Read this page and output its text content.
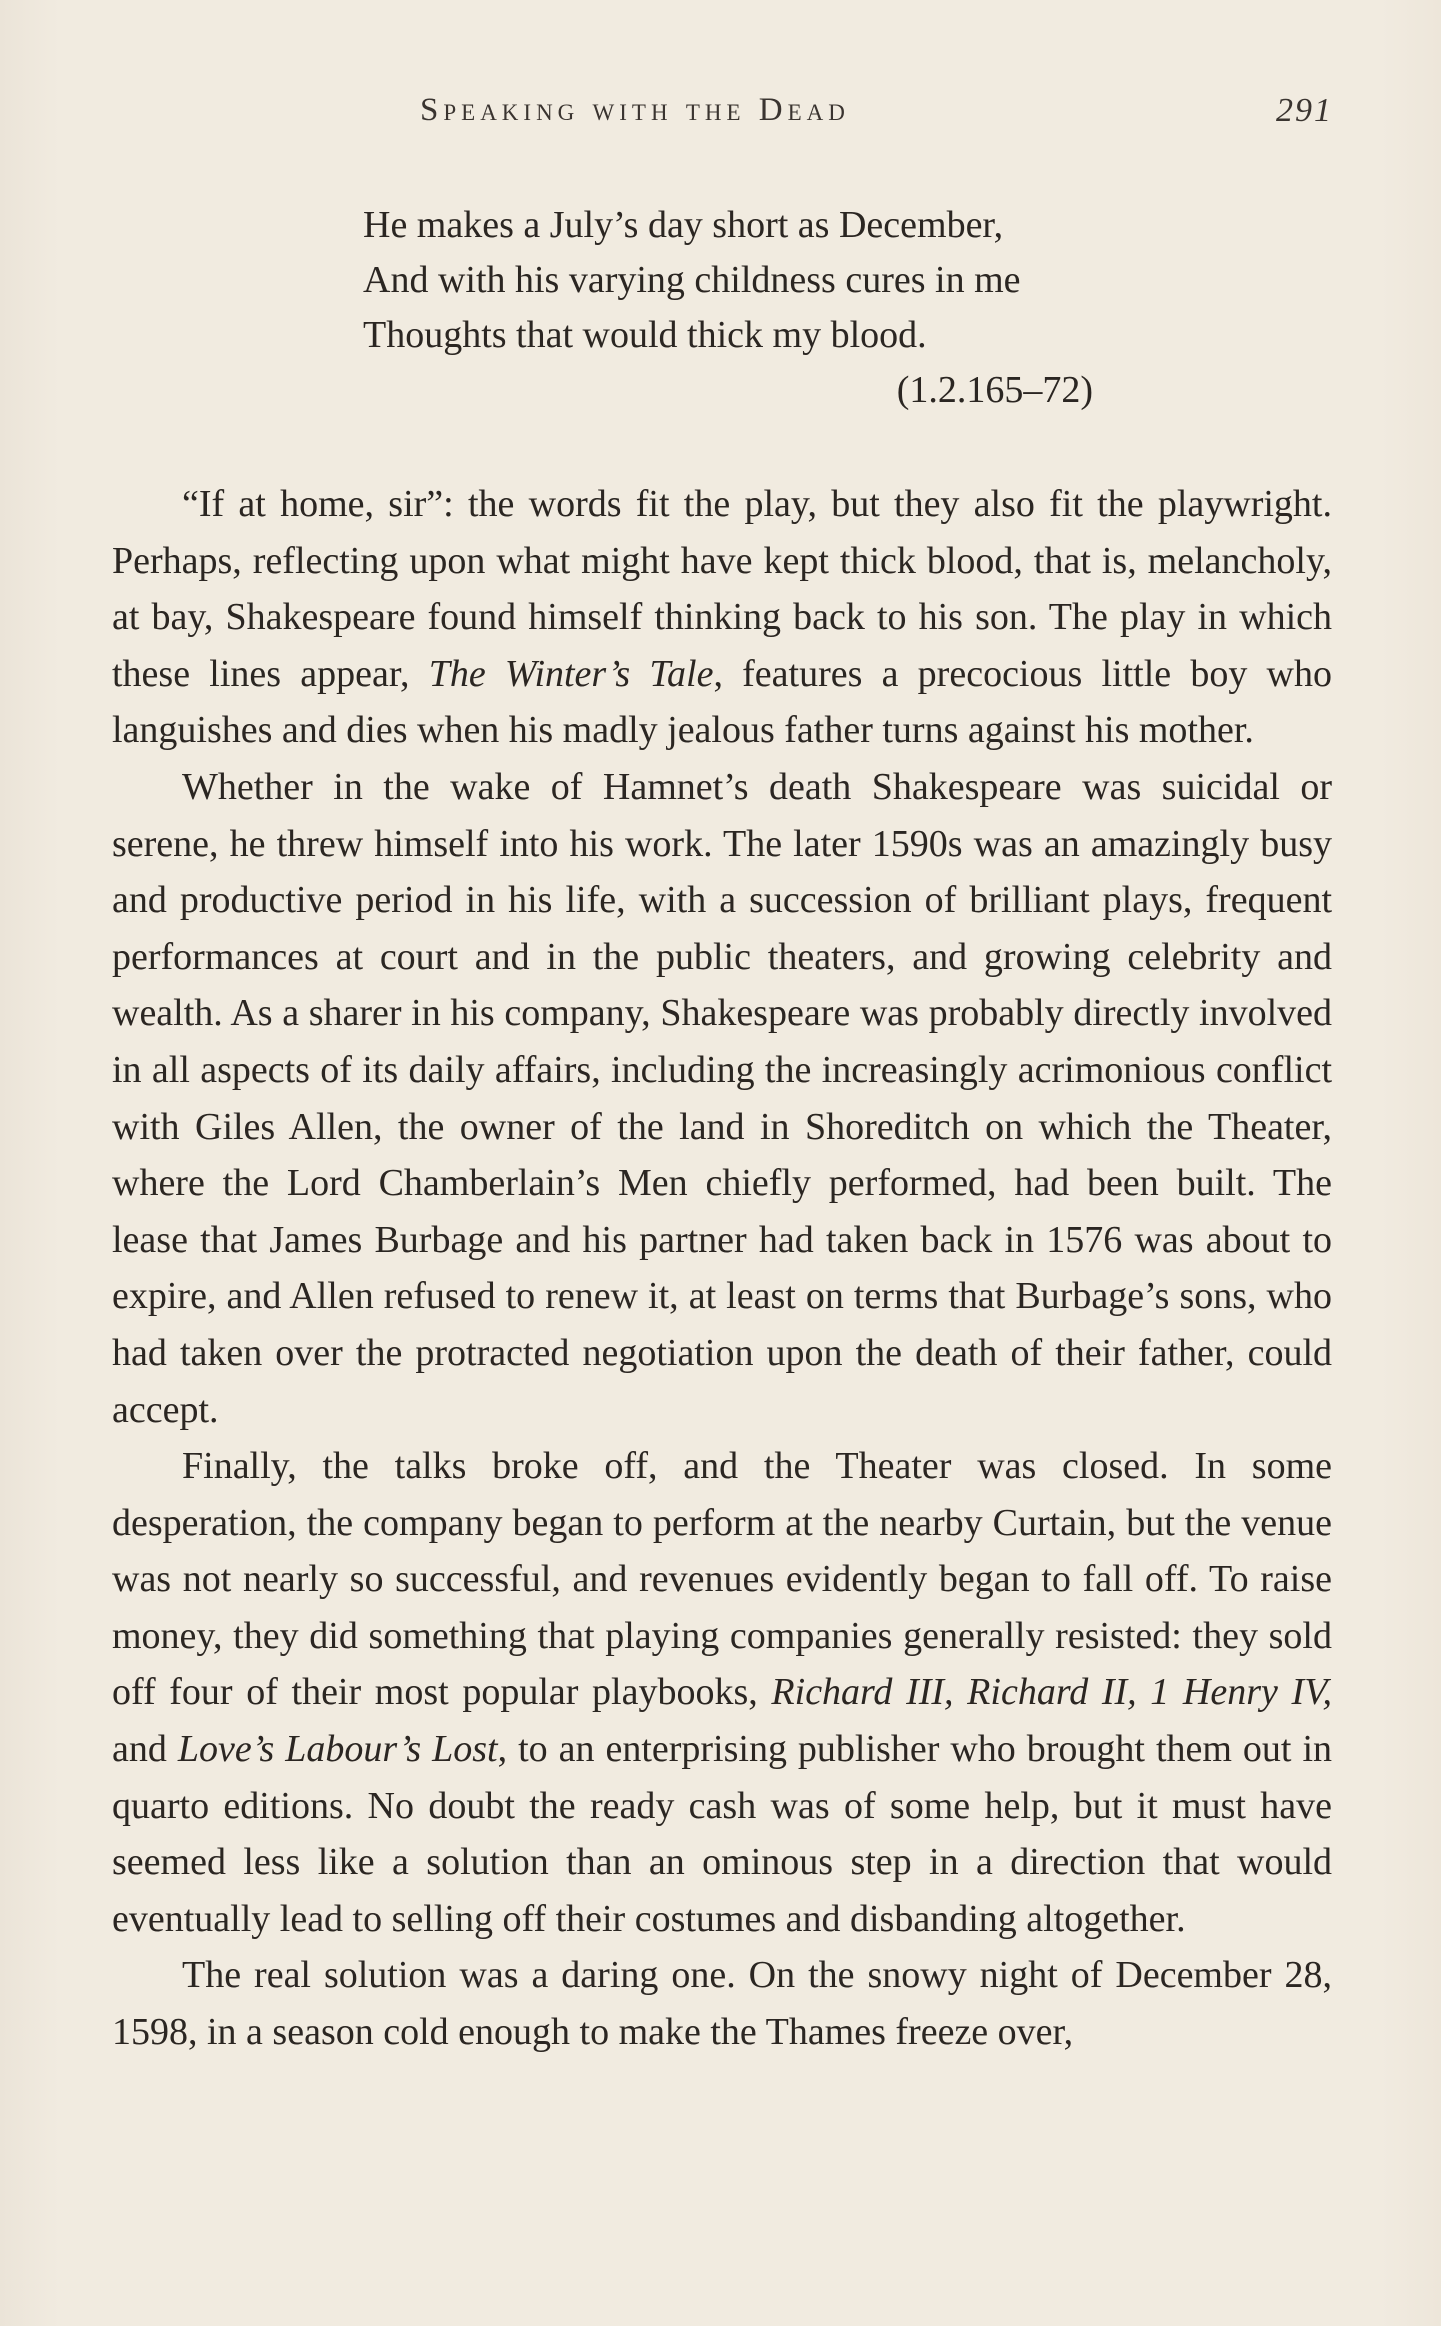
Speaking with the Dead	291
He makes a July’s day short as December,
And with his varying childness cures in me
Thoughts that would thick my blood.
(1.2.165–72)

“If at home, sir”: the words fit the play, but they also fit the playwright. Perhaps, reflecting upon what might have kept thick blood, that is, melancholy, at bay, Shakespeare found himself thinking back to his son. The play in which these lines appear, The Winter’s Tale, features a precocious little boy who languishes and dies when his madly jealous father turns against his mother.

Whether in the wake of Hamnet’s death Shakespeare was suicidal or serene, he threw himself into his work. The later 1590s was an amazingly busy and productive period in his life, with a succession of brilliant plays, frequent performances at court and in the public theaters, and growing celebrity and wealth. As a sharer in his company, Shakespeare was probably directly involved in all aspects of its daily affairs, including the increasingly acrimonious conflict with Giles Allen, the owner of the land in Shoreditch on which the Theater, where the Lord Chamberlain’s Men chiefly performed, had been built. The lease that James Burbage and his partner had taken back in 1576 was about to expire, and Allen refused to renew it, at least on terms that Burbage’s sons, who had taken over the protracted negotiation upon the death of their father, could accept.

Finally, the talks broke off, and the Theater was closed. In some desperation, the company began to perform at the nearby Curtain, but the venue was not nearly so successful, and revenues evidently began to fall off. To raise money, they did something that playing companies generally resisted: they sold off four of their most popular playbooks, Richard III, Richard II, 1 Henry IV, and Love’s Labour’s Lost, to an enterprising publisher who brought them out in quarto editions. No doubt the ready cash was of some help, but it must have seemed less like a solution than an ominous step in a direction that would eventually lead to selling off their costumes and disbanding altogether.

The real solution was a daring one. On the snowy night of December 28, 1598, in a season cold enough to make the Thames freeze over,
